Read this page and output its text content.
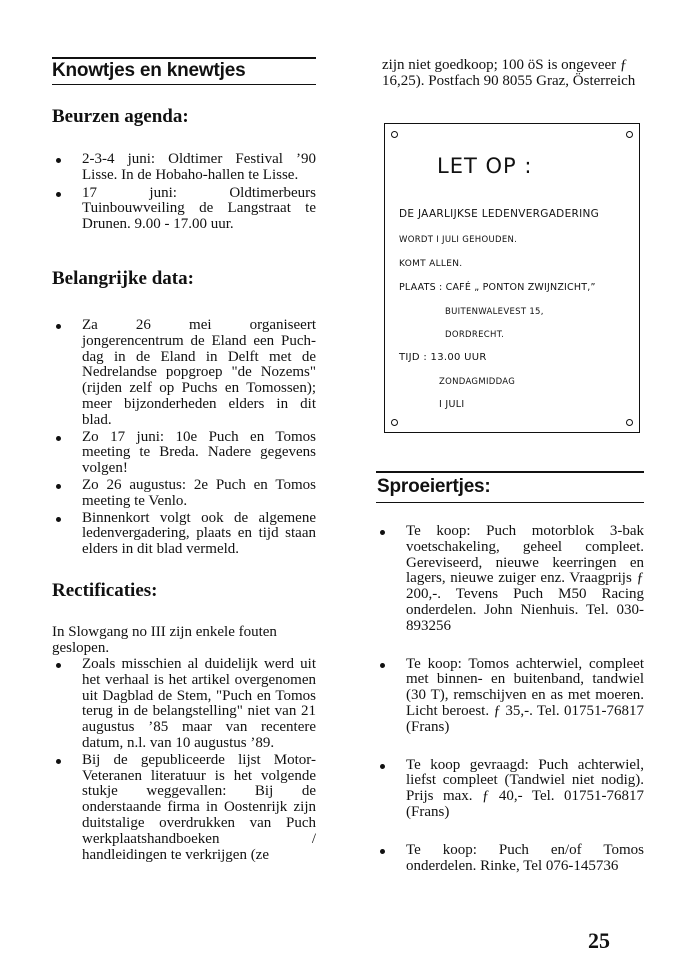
Knowtjes en knewtjes
Beurzen agenda:
2-3-4 juni: Oldtimer Festival ’90 Lisse. In de Hobaho-hallen te Lisse.
17 juni: Oldtimerbeurs Tuinbouwveiling de Langstraat te Drunen. 9.00 - 17.00 uur.
Belangrijke data:
Za 26 mei organiseert jongerencentrum de Eland een Puch-dag in de Eland in Delft met de Nedrelandse popgroep "de Nozems" (rijden zelf op Puchs en Tomossen); meer bijzonderheden elders in dit blad.
Zo 17 juni: 10e Puch en Tomos meeting te Breda. Nadere gegevens volgen!
Zo 26 augustus: 2e Puch en Tomos meeting te Venlo.
Binnenkort volgt ook de algemene ledenvergadering, plaats en tijd staan elders in dit blad vermeld.
Rectificaties:

In Slowgang no III zijn enkele fouten geslopen.

Zoals misschien al duidelijk werd uit het verhaal is het artikel overgenomen uit Dagblad de Stem, "Puch en Tomos terug in de belangstelling" niet van 21 augustus ’85 maar van recentere datum, n.l. van 10 augustus ’89.
Bij de gepubliceerde lijst Motor-Veteranen literatuur is het volgende stukje weggevallen: Bij de onderstaande firma in Oostenrijk zijn duitstalige overdrukken van Puch werkplaatshandboeken / handleidingen te verkrijgen (ze

zijn niet goedkoop; 100 öS is ongeveer ƒ 16,25). Postfach 90 8055 Graz, Österreich

LET OP :
DE JAARLIJKSE LEDENVERGADERING
WORDT I JULI GEHOUDEN.
KOMT ALLEN.
PLAATS : CAFÉ „ PONTON ZWIJNZICHT,”
BUITENWALEVEST 15,
DORDRECHT.
TIJD : 13.00 UUR
ZONDAGMIDDAG
I JULI
Sproeiertjes:
Te koop: Puch motorblok 3-bak voetschakeling, geheel compleet. Gereviseerd, nieuwe keerringen en lagers, nieuwe zuiger enz. Vraagprijs ƒ 200,-. Tevens Puch M50 Racing onderdelen. John Nienhuis. Tel. 030-893256
Te koop: Tomos achterwiel, compleet met binnen- en buitenband, tandwiel (30 T), remschijven en as met moeren. Licht beroest. ƒ 35,-. Tel. 01751-76817 (Frans)
Te koop gevraagd: Puch achterwiel, liefst compleet (Tandwiel niet nodig). Prijs max. ƒ 40,- Tel. 01751-76817 (Frans)
Te koop: Puch en/of Tomos onderdelen. Rinke, Tel 076-145736
25
